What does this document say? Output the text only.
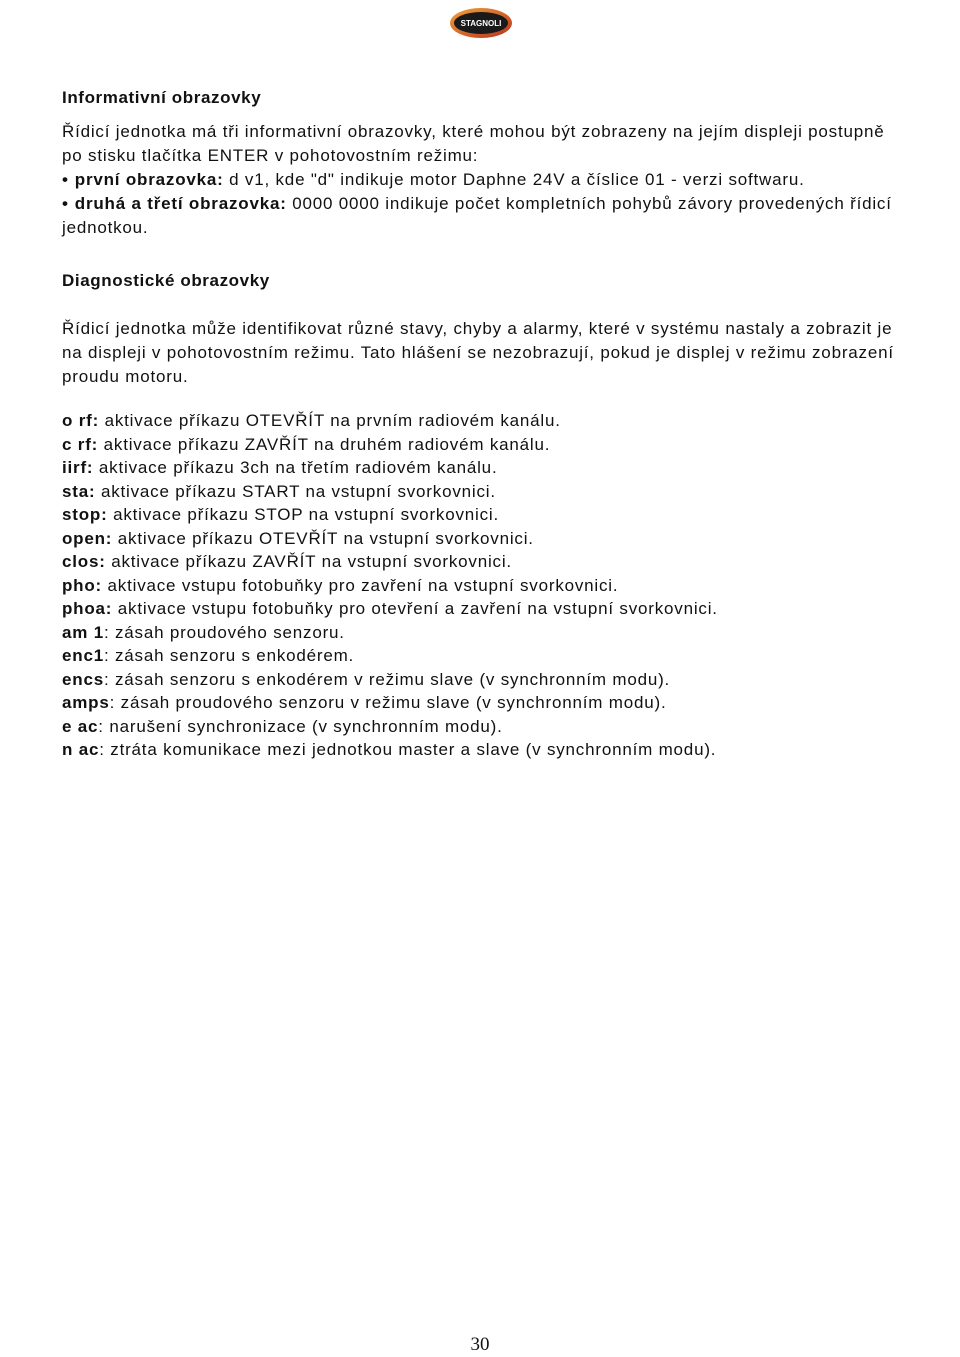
STAGNOLI

Informativní obrazovky

Řídicí jednotka má tři informativní obrazovky, které mohou být zobrazeny na jejím displeji postupně po stisku tlačítka ENTER v pohotovostním režimu:

• první obrazovka: d v1, kde "d" indikuje motor Daphne 24V a číslice 01 - verzi softwaru.

• druhá a třetí obrazovka: 0000 0000 indikuje počet kompletních pohybů závory provedených řídicí jednotkou.

Diagnostické obrazovky

Řídicí jednotka může identifikovat různé stavy, chyby a alarmy, které v systému nastaly a zobrazit je na displeji v pohotovostním režimu. Tato hlášení se nezobrazují, pokud je displej v režimu zobrazení proudu motoru.

o rf: aktivace příkazu OTEVŘÍT na prvním radiovém kanálu.
c rf: aktivace příkazu ZAVŘÍT na druhém radiovém kanálu.
iirf: aktivace příkazu 3ch na třetím radiovém kanálu.
sta: aktivace příkazu START na vstupní svorkovnici.
stop: aktivace příkazu STOP na vstupní svorkovnici.
open: aktivace příkazu OTEVŘÍT na vstupní svorkovnici.
clos: aktivace příkazu ZAVŘÍT na vstupní svorkovnici.
pho: aktivace vstupu fotobuňky pro zavření na vstupní svorkovnici.
phoa: aktivace vstupu fotobuňky pro otevření a zavření na vstupní svorkovnici.
am 1: zásah proudového senzoru.
enc1: zásah senzoru s enkodérem.
encs: zásah senzoru s enkodérem v režimu slave (v synchronním modu).
amps: zásah proudového senzoru v režimu slave (v synchronním modu).
e ac: narušení synchronizace (v synchronním modu).
n ac: ztráta komunikace mezi jednotkou master a slave (v synchronním modu).
30
